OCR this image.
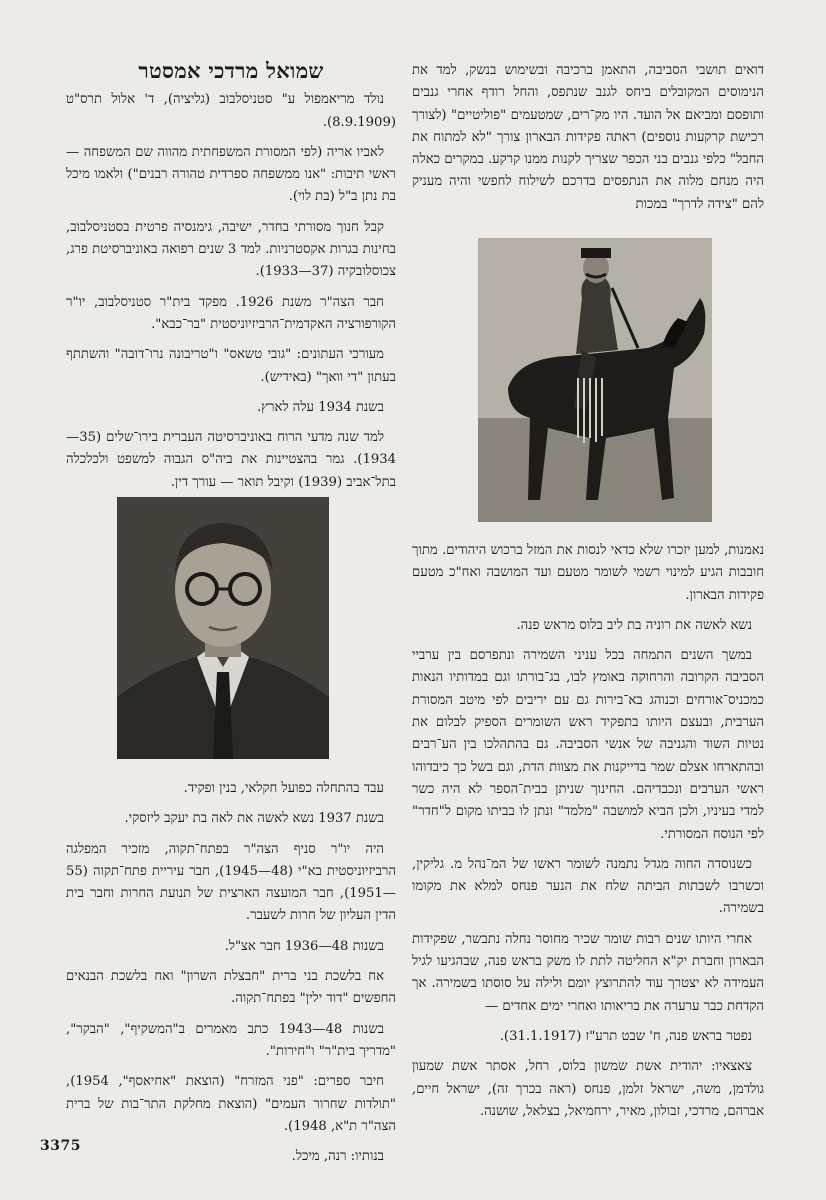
שמואל מרדכי אמסטר

נולד מריאמפול ע" סטניסלבוב (גליציה), ד' אלול תרס"ט (8.9.1909).

לאביו אריה (לפי המסורת המשפחתית מהווה שם המשפחה — ראשי תיבות: "אנו ממשפחה ספרדית טהורה רבנים") ולאמו מיכל בת נתן ב"ל (בת לוי).

קבל חנוך מסורתי בחדר, ישיבה, גימנסיה פרטית בסטניסלבוב, בחינות בגרות אקסטרניות. למד 3 שנים רפואה באוניברסיטת פרג, צכוסלובקיה (37—1933).

חבר הצה"ר משנת 1926. מפקד בית"ר סטניסלבוב, יו"ר הקורפורציה האקדמית־הרביזיוניסטית "בר־כבא".

מעורכי העתונים: "גובי טשאס" ו"טריבונה נרו־דובה" והשתתף בעתון "די וואך" (באידיש).

בשנת 1934 עלה לארץ.

למד שנה מדעי הרוח באוניברסיטה העברית בירו־שלים (35—1934). גמר בהצטיינות את ביה"ס הגבוה למשפט ולכלכלה בתל־אביב (1939) וקיבל תואר — עורך דין.

עבד בהתחלה כפועל חקלאי, בנין ופקיד.

בשנת 1937 נשא לאשה את לאה בת יעקב ליזסקי.

היה יו"ר סניף הצה"ר בפתח־תקוה, מזכיר המפלגה הרביזיוניסטית בא"י (48—1945), חבר עיריית פתח־תקוה (55—1951), חבר המועצה הארצית של תנועת החרות וחבר בית הדין העליון של חרות לשעבר.

בשנות 48—1936 חבר אצ"ל.

אח בלשכת בני ברית "חבצלת השרון" ואח בלשכת הבנאים החפשים "דוד ילין" בפתח־תקוה.

בשנות 48—1943 כתב מאמרים ב"המשקיף", "הבקר", "מדריך בית"ר" ו"חירות".

חיבר ספרים: "פני המזרח" (הוצאת "אחיאסף", 1954), "תולדות שחרור העמים" (הוצאת מחלקת התר־בות של ברית הצה"ר ת"א, 1948).

בנותיו: רנה, מיכל.

דואים תושבי הסביבה, התאמן ברכיבה ובשימוש בנשק, למד את הנימוסים המקובלים ביחס לגנב שנתפס, והחל רודף אחרי גנבים ותופסם ומביאם אל הועד. היו מק־רים, שמטעמים "פוליטיים" (לצורך רכישת קרקעות נוספים) ראתה פקידות הבארון צורך "לא למתוח את החבל" כלפי גנבים בני הכפר שצריך לקנות ממנו קרקע. במקרים כאלה היה מנחם מלוה את הנתפסים בדרכם לשילוח לחפשי והיה מעניק להם "צידה לדרך" במכות

נאמנות, למען יזכרו שלא כדאי לנסות את המזל ברכוש היהודים. מתוך חובבות הגיע למינוי רשמי לשומר מטעם ועד המושבה ואח"כ מטעם פקידות הבארון.

נשא לאשה את רוניה בת ליב בלוס מראש פנה.

במשך השנים התמחה בכל עניני השמירה ונתפרסם בין ערביי הסביבה הקרובה והרחוקה באומץ לבו, בג־בורתו וגם במדותיו הנאות כמכניס־אורחים וכנוהג בא־בירות גם עם יריבים לפי מיטב המסורת הערבית, ובעצם היותו בתפקיד ראש השומרים הספיק לבלום את נטיות השוד והגניבה של אנשי הסביבה. גם בהתהלכו בין הע־רבים ובהתארחו אצלם שמר בדייקנות את מצוות הדת, וגם בשל כך כיבדוהו ראשי הערבים ונכבדיהם. החינוך שניתן בבית־הספר לא היה כשר למדי בעיניו, ולכן הביא למושבה "מלמד" ונתן לו בביתו מקום ל"חדר" לפי הנוסח המסורתי.

כשנוסדה החוה מגדל נתמנה לשומר ראשו של המ־נהל מ. גליקין, וכשרבו לשבתות הביתה שלח את הנער פנחס למלא את מקומו בשמירה.

אחרי היותו שנים רבות שומר שכיר מחוסר נחלה נתבשר, שפקידות הבארון וחברת יק"א החליטה לתת לו משק בראש פנה, שבהגיעו לגיל העמידה לא יצטרך עוד להתרוצץ יומם ולילה על סוסתו בשמירה. אך הקדחת כבר ערערה את בריאותו ואחרי ימים אחדים —

נפטר בראש פנה, ח' שבט תרע"ז (31.1.1917).

צאצאיו: יהודית אשת שמשון בלוס, רחל, אסתר אשת שמעון גולדמן, משה, ישראל זלמן, פנחס (ראה בכרך זה), ישראל חיים, אברהם, מרדכי, זבולון, מאיר, ירחמיאל, בצלאל, שושנה.

3375
